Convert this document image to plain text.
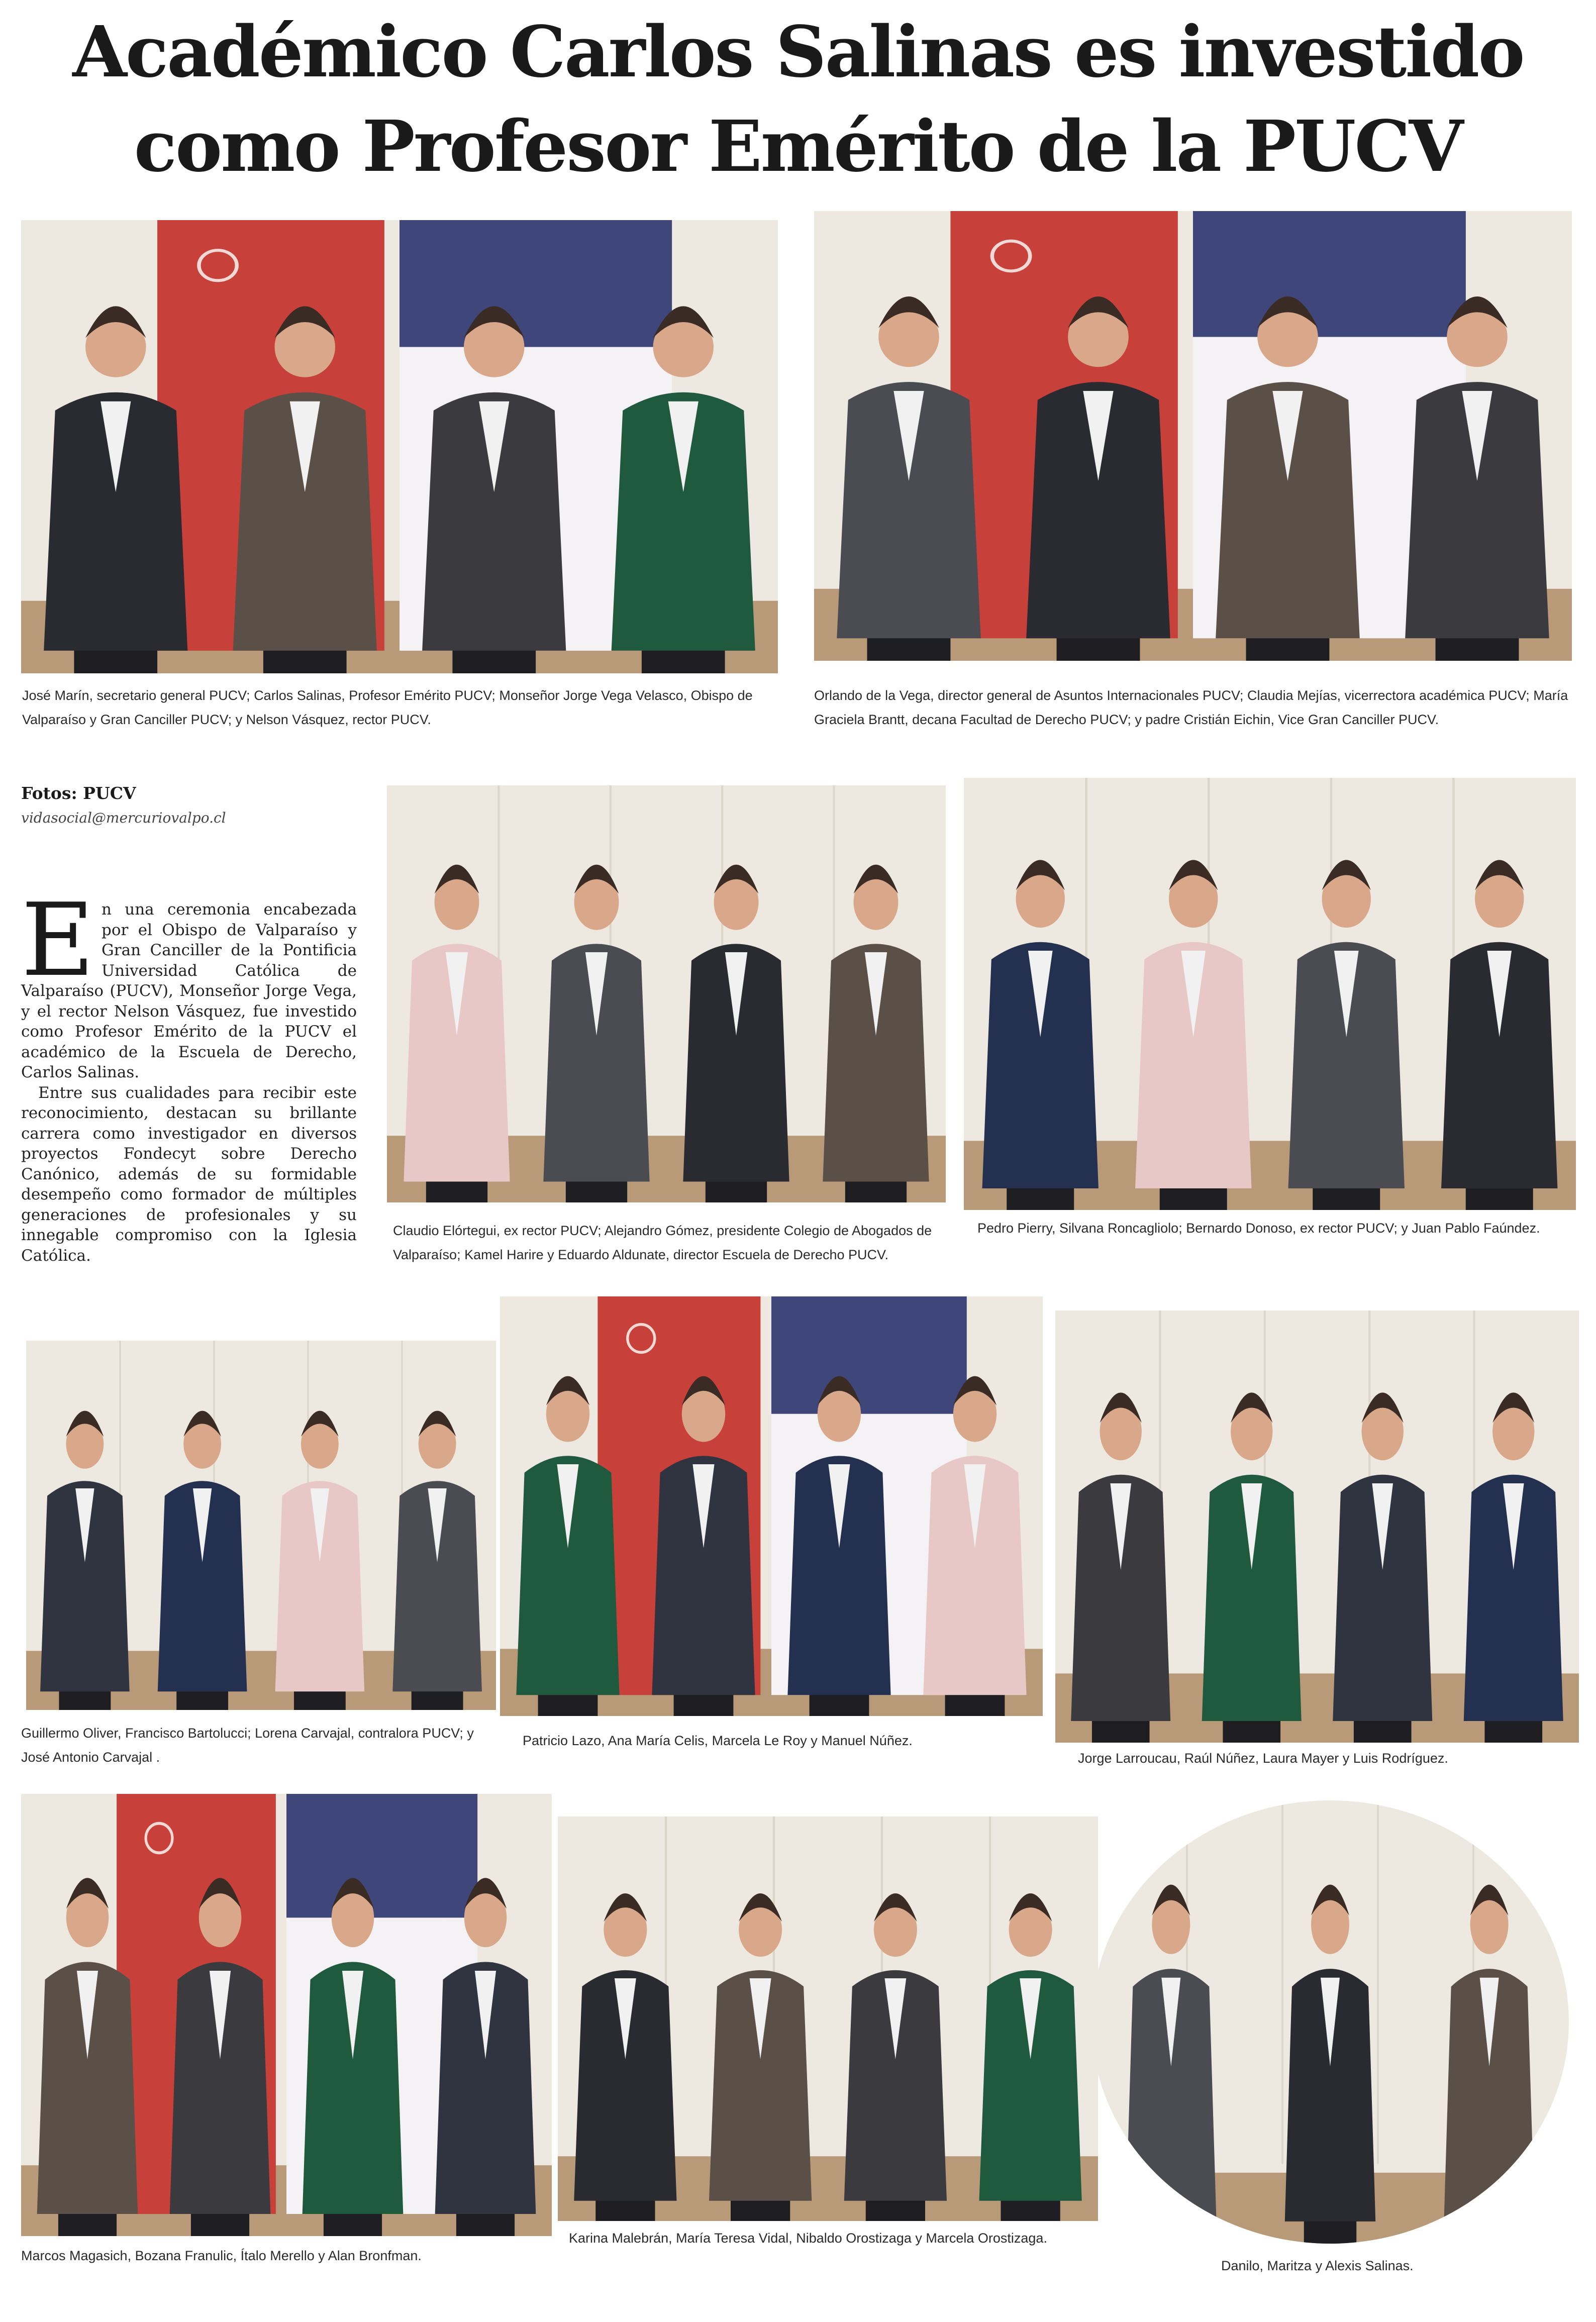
Académico Carlos Salinas es investido
como Profesor Emérito de la PUCV
José Marín, secretario general PUCV; Carlos Salinas, Profesor Emérito PUCV; Monseñor Jorge Vega Velasco, Obispo de Valparaíso y Gran Canciller PUCV; y Nelson Vásquez, rector PUCV.
Orlando de la Vega, director general de Asuntos Internacionales PUCV; Claudia Mejías, vicerrectora académica PUCV; María Graciela Brantt, decana Facultad de Derecho PUCV; y padre Cristián Eichin, Vice Gran Canciller PUCV.
Fotos: PUCV
vidasocial@mercuriovalpo.cl

En una ceremonia encabezada por el Obispo de Valparaíso y Gran Canciller de la Pontificia Universidad Católica de Valparaíso (PUCV), Monseñor Jorge Vega, y el rector Nelson Vásquez, fue investido como Profesor Emérito de la PUCV el académico de la Escuela de Derecho, Carlos Salinas.

Entre sus cualidades para recibir este reconocimiento, destacan su brillante carrera como investigador en diversos proyectos Fondecyt sobre Derecho Canónico, además de su formidable desempeño como formador de múltiples generaciones de profesionales y su innegable compromiso con la Iglesia Católica.

Claudio Elórtegui, ex rector PUCV; Alejandro Gómez, presidente Colegio de Abogados de Valparaíso; Kamel Harire y Eduardo Aldunate, director Escuela de Derecho PUCV.
Pedro Pierry, Silvana Roncagliolo; Bernardo Donoso, ex rector PUCV; y Juan Pablo Faúndez.
Guillermo Oliver, Francisco Bartolucci; Lorena Carvajal, contralora PUCV; y José Antonio Carvajal .
Patricio Lazo, Ana María Celis, Marcela Le Roy y Manuel Núñez.
Jorge Larroucau, Raúl Núñez, Laura Mayer y Luis Rodríguez.
Marcos Magasich, Bozana Franulic, Ítalo Merello y Alan Bronfman.
Karina Malebrán, María Teresa Vidal, Nibaldo Orostizaga y Marcela Orostizaga.
Danilo, Maritza y Alexis Salinas.
